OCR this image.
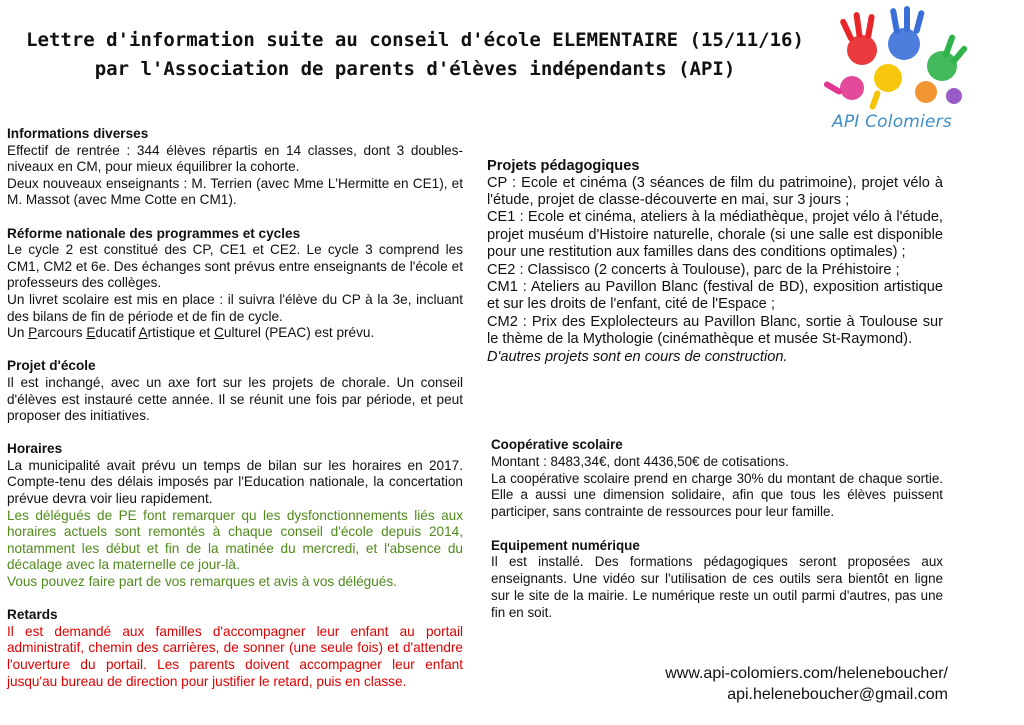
Lettre d'information suite au conseil d'école ELEMENTAIRE (15/11/16)
par l'Association de parents d'élèves indépendants (API)
API Colomiers
Informations diverses

Effectif de rentrée : 344 élèves répartis en 14 classes, dont 3 doubles-niveaux en CM, pour mieux équilibrer la cohorte.

Deux nouveaux enseignants : M. Terrien (avec Mme L'Hermitte en CE1), et M. Massot (avec Mme Cotte en CM1).

Réforme nationale des programmes et cycles

Le cycle 2 est constitué des CP, CE1 et CE2. Le cycle 3 comprend les CM1, CM2 et 6e. Des échanges sont prévus entre enseignants de l'école et professeurs des collèges.

Un livret scolaire est mis en place : il suivra l'élève du CP à la 3e, incluant des bilans de fin de période et de fin de cycle.

Un Parcours Educatif Artistique et Culturel (PEAC) est prévu.

Projet d'école

Il est inchangé, avec un axe fort sur les projets de chorale. Un conseil d'élèves est instauré cette année. Il se réunit une fois par période, et peut proposer des initiatives.

Horaires

La municipalité avait prévu un temps de bilan sur les horaires en 2017. Compte-tenu des délais imposés par l'Education nationale, la concertation prévue devra voir lieu rapidement.

Les délégués de PE font remarquer qu les dysfonctionnements liés aux horaires actuels sont remontés à chaque conseil d'école depuis 2014, notamment les début et fin de la matinée du mercredi, et l'absence du décalage avec la maternelle ce jour-là.

Vous pouvez faire part de vos remarques et avis à vos délégués.

Retards

Il est demandé aux familles d'accompagner leur enfant au portail administratif, chemin des carrières, de sonner (une seule fois) et d'attendre l'ouverture du portail. Les parents doivent accompagner leur enfant jusqu'au bureau de direction pour justifier le retard, puis en classe.

Projets pédagogiques

CP : Ecole et cinéma (3 séances de film du patrimoine), projet vélo à l'étude, projet de classe-découverte en mai, sur 3 jours ;

CE1 : Ecole et cinéma, ateliers à la médiathèque, projet vélo à l'étude, projet muséum d'Histoire naturelle, chorale (si une salle est disponible pour une restitution aux familles dans des conditions optimales) ;

CE2 : Classisco (2 concerts à Toulouse), parc de la Préhistoire ;

CM1 : Ateliers au Pavillon Blanc (festival de BD), exposition artistique et sur les droits de l'enfant, cité de l'Espace ;

CM2 : Prix des Explolecteurs au Pavillon Blanc, sortie à Toulouse sur le thème de la Mythologie (cinémathèque et musée St-Raymond).

D'autres projets sont en cours de construction.

Coopérative scolaire

Montant : 8483,34€, dont 4436,50€ de cotisations.

La coopérative scolaire prend en charge 30% du montant de chaque sortie. Elle a aussi une dimension solidaire, afin que tous les élèves puissent participer, sans contrainte de ressources pour leur famille.

Equipement numérique

Il est installé. Des formations pédagogiques seront proposées aux enseignants. Une vidéo sur l'utilisation de ces outils sera bientôt en ligne sur le site de la mairie. Le numérique reste un outil parmi d'autres, pas une fin en soit.

www.api-colomiers.com/heleneboucher/
api.heleneboucher@gmail.com
